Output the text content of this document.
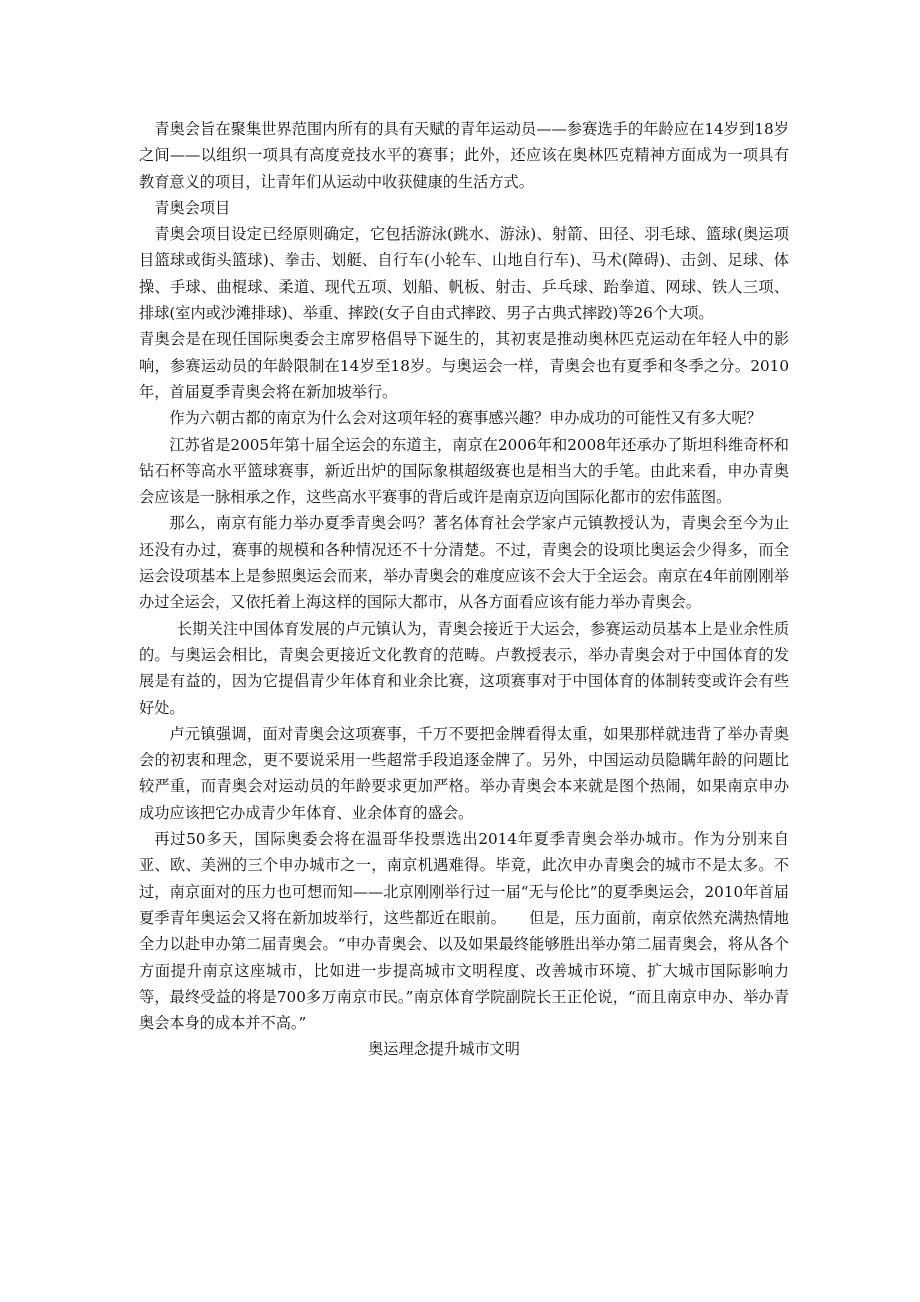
青奥会旨在聚集世界范围内所有的具有天赋的青年运动员——参赛选手的年龄应在14岁到18岁之间——以组织一项具有高度竞技水平的赛事；此外，还应该在奥林匹克精神方面成为一项具有教育意义的项目，让青年们从运动中收获健康的生活方式。

青奥会项目

青奥会项目设定已经原则确定，它包括游泳(跳水、游泳)、射箭、田径、羽毛球、篮球(奥运项目篮球或街头篮球)、拳击、划艇、自行车(小轮车、山地自行车)、马术(障碍)、击剑、足球、体操、手球、曲棍球、柔道、现代五项、划船、帆板、射击、乒乓球、跆拳道、网球、铁人三项、排球(室内或沙滩排球)、举重、摔跤(女子自由式摔跤、男子古典式摔跤)等26个大项。

青奥会是在现任国际奥委会主席罗格倡导下诞生的，其初衷是推动奥林匹克运动在年轻人中的影响，参赛运动员的年龄限制在14岁至18岁。与奥运会一样，青奥会也有夏季和冬季之分。2010年，首届夏季青奥会将在新加坡举行。

作为六朝古都的南京为什么会对这项年轻的赛事感兴趣？申办成功的可能性又有多大呢？

江苏省是2005年第十届全运会的东道主，南京在2006年和2008年还承办了斯坦科维奇杯和钻石杯等高水平篮球赛事，新近出炉的国际象棋超级赛也是相当大的手笔。由此来看，申办青奥会应该是一脉相承之作，这些高水平赛事的背后或许是南京迈向国际化都市的宏伟蓝图。

那么，南京有能力举办夏季青奥会吗？著名体育社会学家卢元镇教授认为，青奥会至今为止还没有办过，赛事的规模和各种情况还不十分清楚。不过，青奥会的设项比奥运会少得多，而全运会设项基本上是参照奥运会而来，举办青奥会的难度应该不会大于全运会。南京在4年前刚刚举办过全运会，又依托着上海这样的国际大都市，从各方面看应该有能力举办青奥会。

长期关注中国体育发展的卢元镇认为，青奥会接近于大运会，参赛运动员基本上是业余性质的。与奥运会相比，青奥会更接近文化教育的范畴。卢教授表示，举办青奥会对于中国体育的发展是有益的，因为它提倡青少年体育和业余比赛，这项赛事对于中国体育的体制转变或许会有些好处。

卢元镇强调，面对青奥会这项赛事，千万不要把金牌看得太重，如果那样就违背了举办青奥会的初衷和理念，更不要说采用一些超常手段追逐金牌了。另外，中国运动员隐瞒年龄的问题比较严重，而青奥会对运动员的年龄要求更加严格。举办青奥会本来就是图个热闹，如果南京申办成功应该把它办成青少年体育、业余体育的盛会。

再过50多天，国际奥委会将在温哥华投票选出2014年夏季青奥会举办城市。作为分别来自亚、欧、美洲的三个申办城市之一，南京机遇难得。毕竟，此次申办青奥会的城市不是太多。不过，南京面对的压力也可想而知——北京刚刚举行过一届“无与伦比”的夏季奥运会，2010年首届夏季青年奥运会又将在新加坡举行，这些都近在眼前。　　但是，压力面前，南京依然充满热情地全力以赴申办第二届青奥会。“申办青奥会、以及如果最终能够胜出举办第二届青奥会，将从各个方面提升南京这座城市，比如进一步提高城市文明程度、改善城市环境、扩大城市国际影响力等，最终受益的将是700多万南京市民。”南京体育学院副院长王正伦说，“而且南京申办、举办青奥会本身的成本并不高。”

奥运理念提升城市文明
